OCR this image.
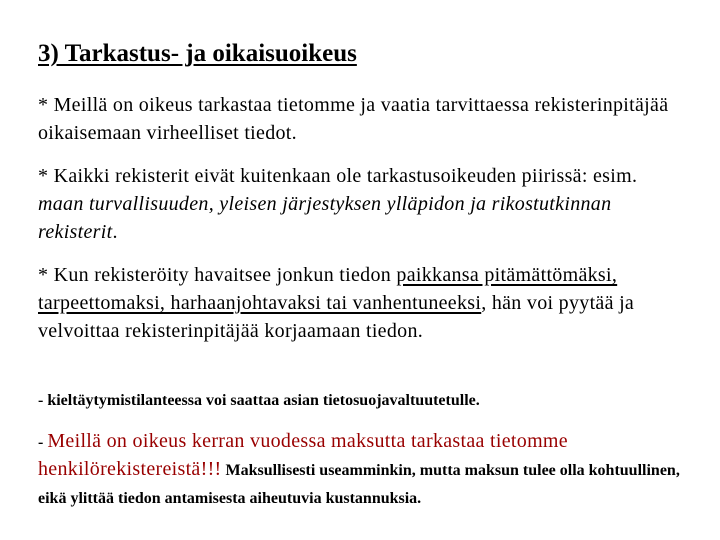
3) Tarkastus- ja oikaisuoikeus
* Meillä on oikeus tarkastaa tietomme ja vaatia tarvittaessa rekisterinpitäjää oikaisemaan virheelliset tiedot.
* Kaikki rekisterit eivät kuitenkaan ole tarkastusoikeuden piirissä: esim. maan turvallisuuden, yleisen järjestyksen ylläpidon ja rikostutkinnan rekisterit.
* Kun rekisteröity havaitsee jonkun tiedon paikkansa pitämättömäksi, tarpeettomaksi, harhaanjohtavaksi tai vanhentuneeksi, hän voi pyytää ja velvoittaa rekisterinpitäjää korjaamaan tiedon.
- kieltäytymistilanteessa voi saattaa asian tietosuojavaltuutetulle.
- Meillä on oikeus kerran vuodessa maksutta tarkastaa tietomme henkilörekistereistä!!! Maksullisesti useamminkin, mutta maksun tulee olla kohtuullinen, eikä ylittää tiedon antamisesta aiheutuvia kustannuksia.
